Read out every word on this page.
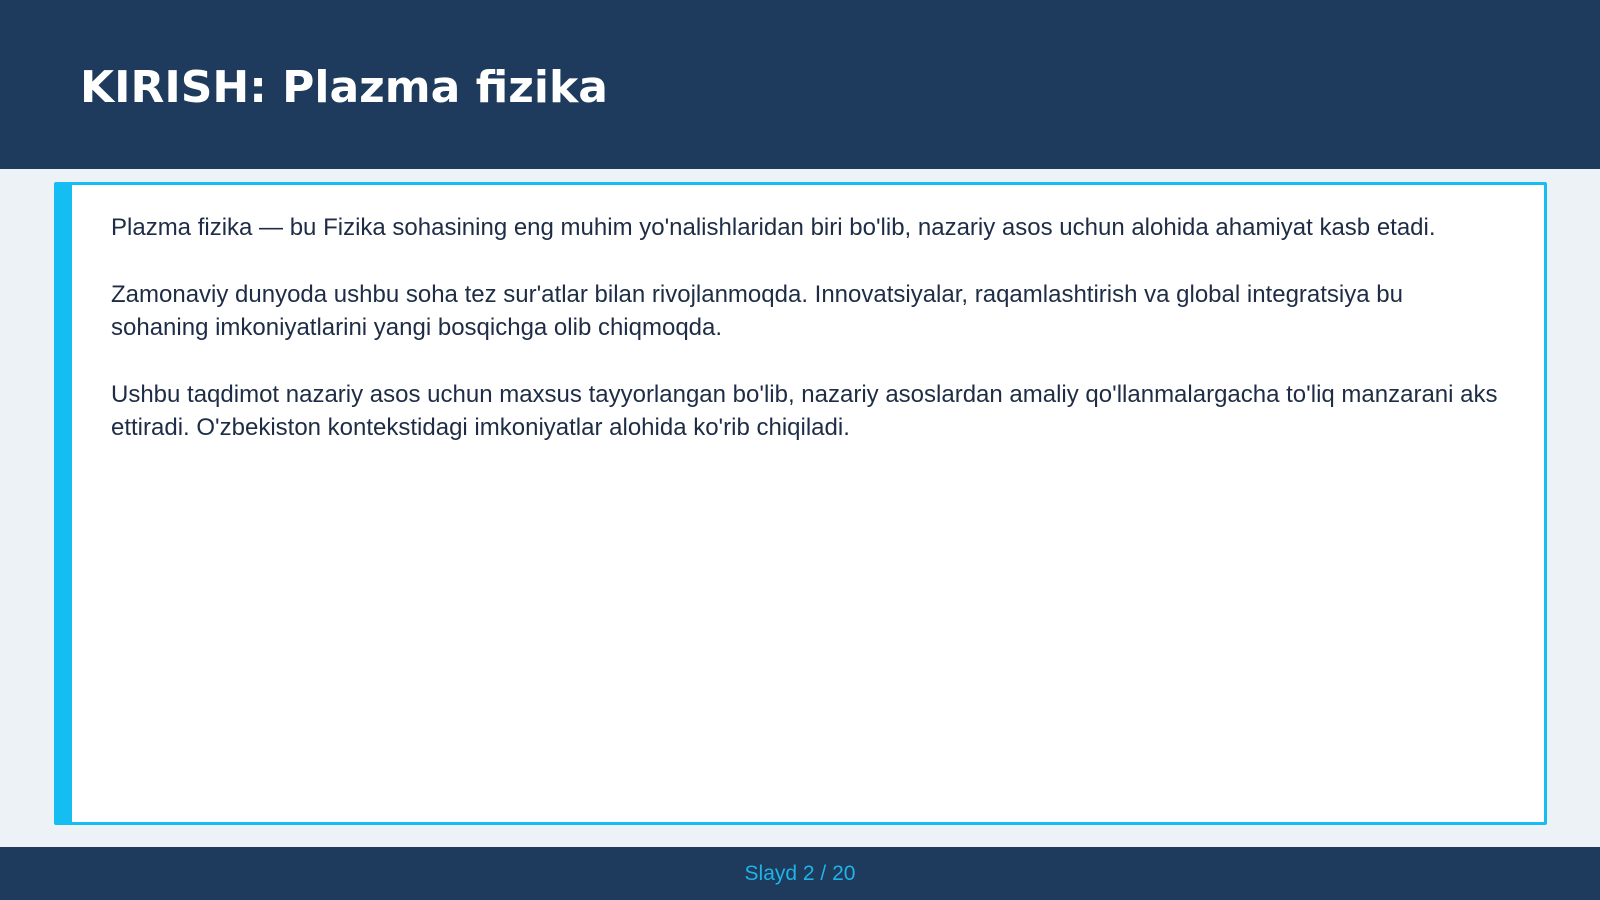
KIRISH: Plazma fizika

Plazma fizika — bu Fizika sohasining eng muhim yo'nalishlaridan biri bo'lib, nazariy asos uchun alohida ahamiyat kasb etadi.

Zamonaviy dunyoda ushbu soha tez sur'atlar bilan rivojlanmoqda. Innovatsiyalar, raqamlashtirish va global integratsiya bu sohaning imkoniyatlarini yangi bosqichga olib chiqmoqda.

Ushbu taqdimot nazariy asos uchun maxsus tayyorlangan bo'lib, nazariy asoslardan amaliy qo'llanmalargacha to'liq manzarani aks ettiradi. O'zbekiston kontekstidagi imkoniyatlar alohida ko'rib chiqiladi.

Slayd 2 / 20
